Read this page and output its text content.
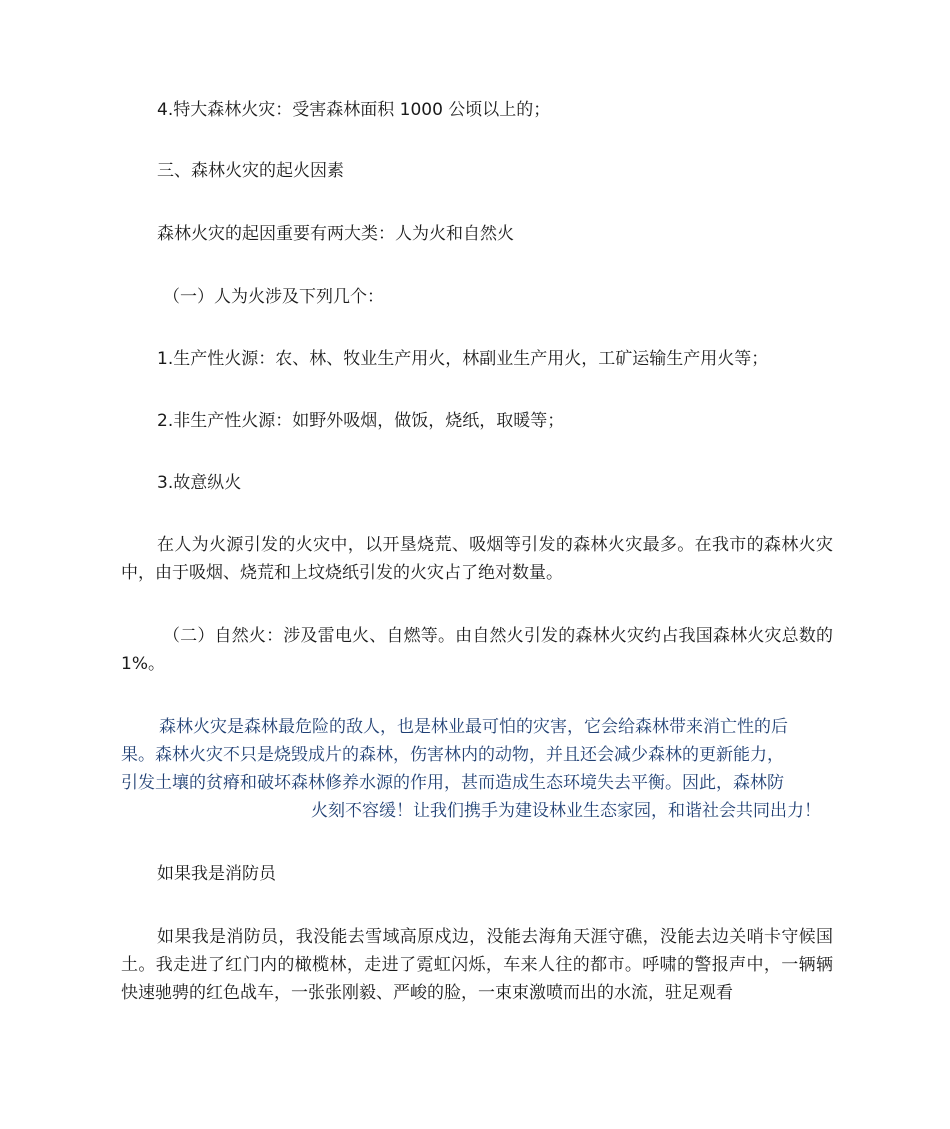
4.特大森林火灾：受害森林面积 1000 公顷以上的；

三、森林火灾的起火因素

森林火灾的起因重要有两大类：人为火和自然火

（一）人为火涉及下列几个：

1.生产性火源：农、林、牧业生产用火，林副业生产用火，工矿运输生产用火等；

2.非生产性火源：如野外吸烟，做饭，烧纸，取暖等；

3.故意纵火

在人为火源引发的火灾中，以开垦烧荒、吸烟等引发的森林火灾最多。在我市的森林火灾中，由于吸烟、烧荒和上坟烧纸引发的火灾占了绝对数量。

（二）自然火：涉及雷电火、自燃等。由自然火引发的森林火灾约占我国森林火灾总数的 1%。

森林火灾是森林最危险的敌人，也是林业最可怕的灾害，它会给森林带来消亡性的后
果。森林火灾不只是烧毁成片的森林，伤害林内的动物，并且还会减少森林的更新能力，
引发土壤的贫瘠和破坏森林修养水源的作用，甚而造成生态环境失去平衡。因此，森林防
火刻不容缓！让我们携手为建设林业生态家园，和谐社会共同出力！

如果我是消防员

如果我是消防员，我没能去雪域高原戍边，没能去海角天涯守礁，没能去边关哨卡守候国土。我走进了红门内的橄榄林，走进了霓虹闪烁，车来人往的都市。呼啸的警报声中，一辆辆快速驰骋的红色战车，一张张刚毅、严峻的脸，一束束激喷而出的水流，驻足观看
